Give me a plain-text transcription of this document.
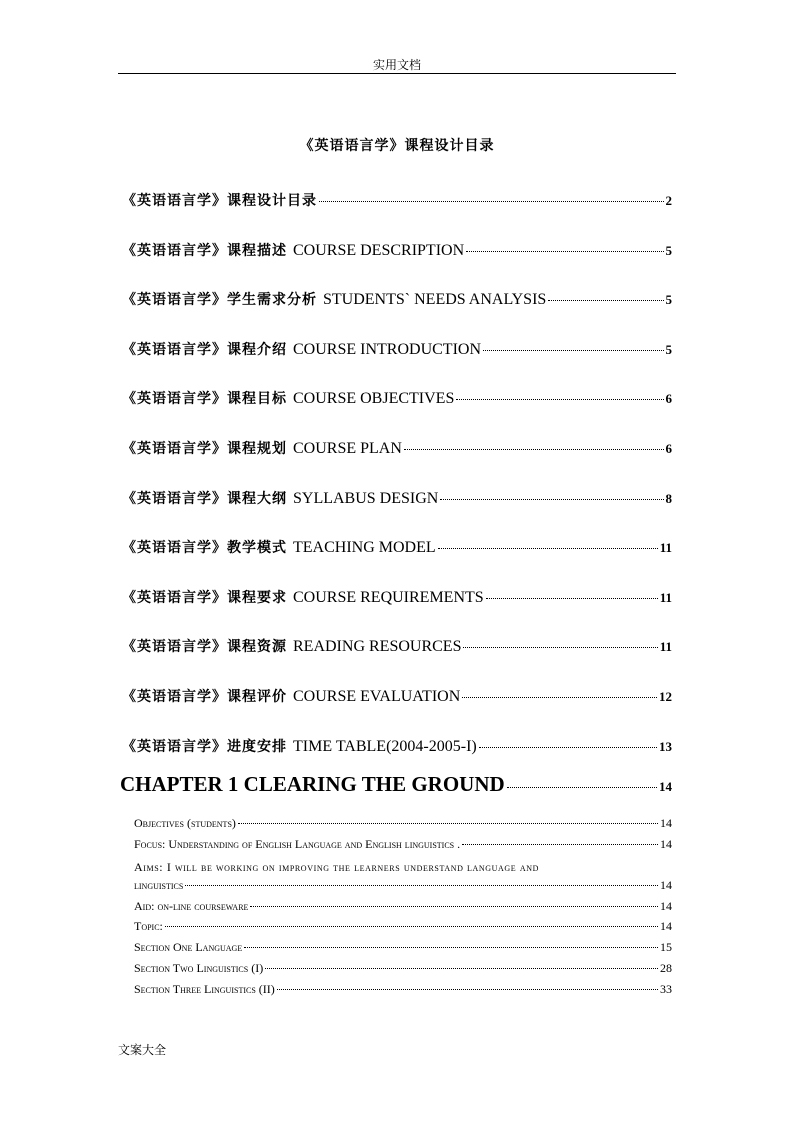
实用文档
《英语语言学》课程设计目录
《英语语言学》课程设计目录	2
《英语语言学》课程描述 COURSE DESCRIPTION	5
《英语语言学》学生需求分析 STUDENTS` NEEDS ANALYSIS	5
《英语语言学》课程介绍 COURSE INTRODUCTION	5
《英语语言学》课程目标 COURSE OBJECTIVES	6
《英语语言学》课程规划 COURSE PLAN	6
《英语语言学》课程大纲 SYLLABUS DESIGN	8
《英语语言学》教学模式 TEACHING MODEL	11
《英语语言学》课程要求 COURSE REQUIREMENTS	11
《英语语言学》课程资源 READING RESOURCES	11
《英语语言学》课程评价 COURSE EVALUATION	12
《英语语言学》进度安排 TIME TABLE(2004-2005-I)	13
CHAPTER 1 CLEARING THE GROUND	14
Objectives (students)	14
Focus: Understanding of English Language and English linguistics .	14
Aims: I will be working on improving the learners understand language and
linguistics	14
Aid: on-line courseware	14
Topic:	14
Section One Language	15
Section Two Linguistics (I)	28
Section Three Linguistics (II)	33
文案大全
